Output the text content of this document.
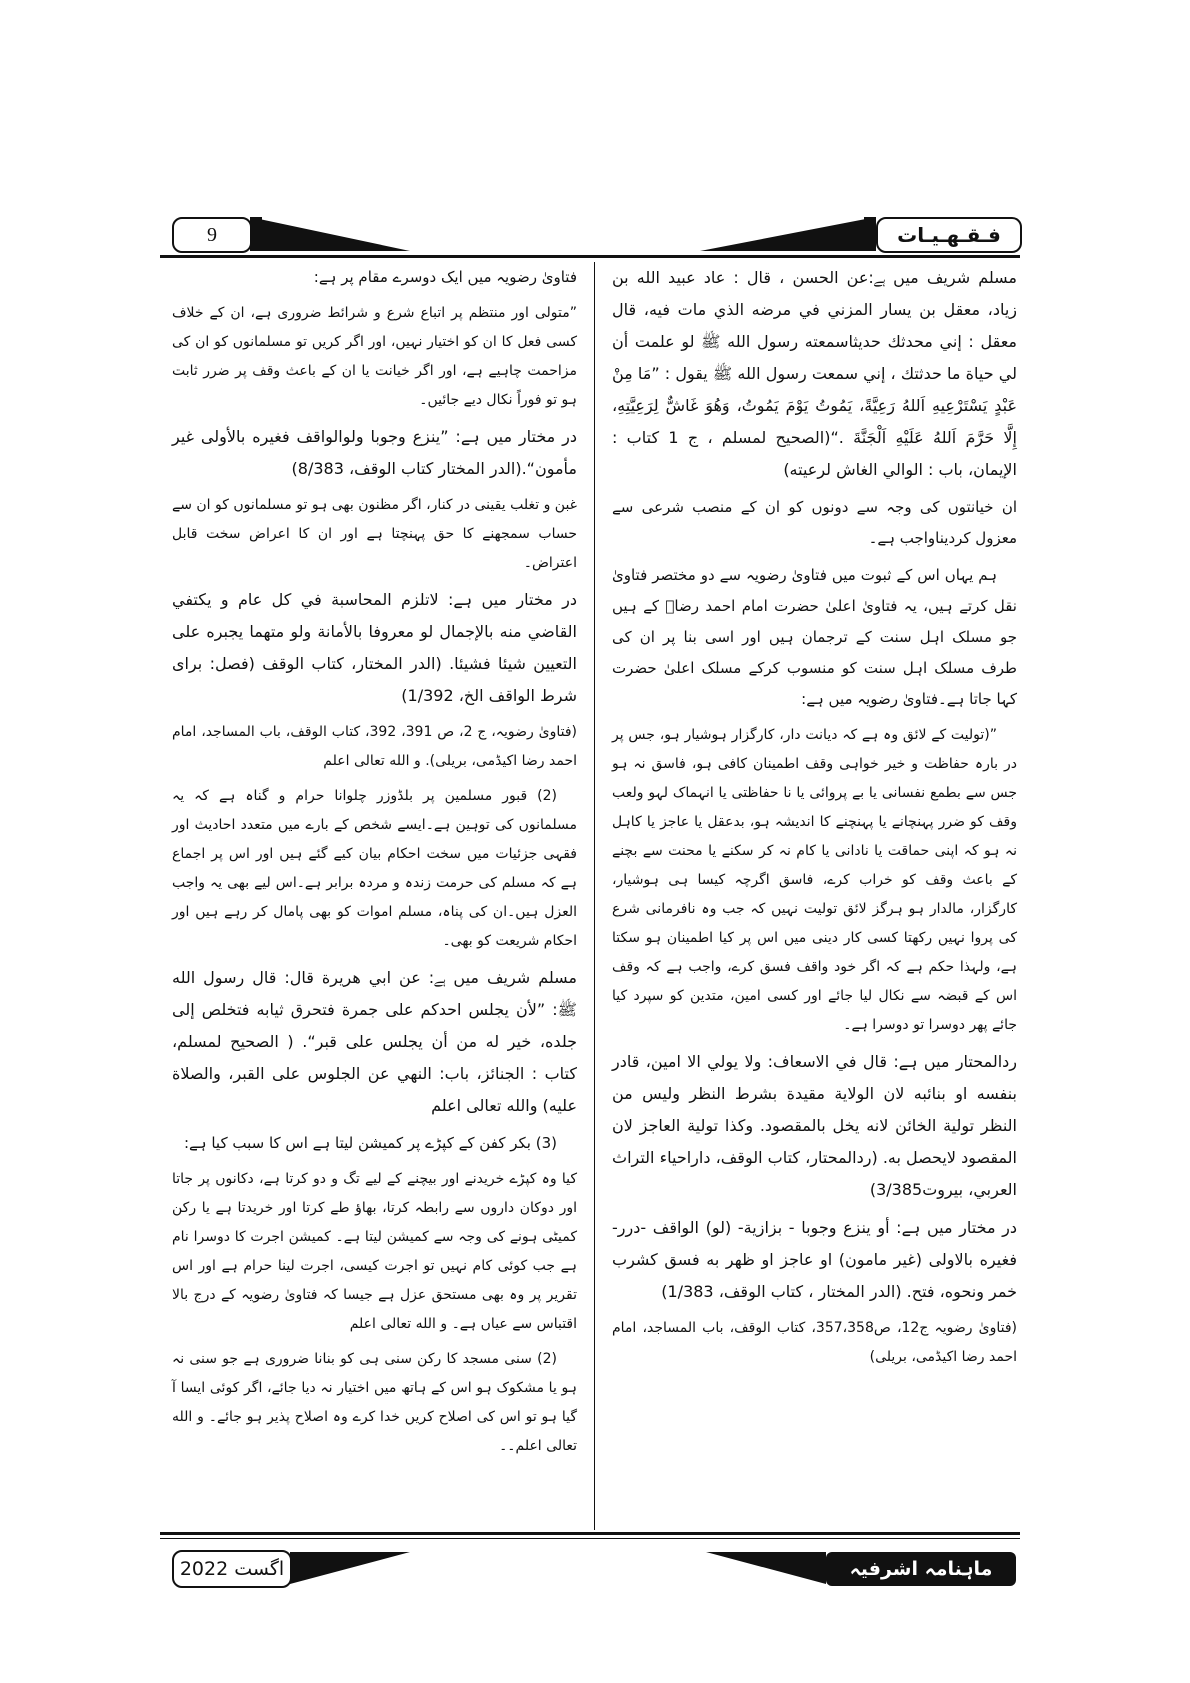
9	فـقـهـيـات

مسلم شریف میں ہے:عن الحسن ، قال : عاد عبید الله بن زیاد، معقل بن یسار المزني في مرضه الذي مات فيه، قال معقل : إني محدثك حديثاسمعته رسول الله ﷺ لو علمت أن لي حياة ما حدثتك ، إني سمعت رسول الله ﷺ يقول : ”مَا مِنْ عَبْدٍ يَسْتَرْعِيهِ اَللهُ رَعِيَّةً، يَمُوتُ يَوْمَ يَمُوتُ، وَهُوَ غَاشٌّ لِرَعِيَّتِهِ، إِلَّا حَرَّمَ اَللهُ عَلَيْهِ اَلْجَنَّةَ .“(الصحيح لمسلم ، ج 1 كتاب : الإيمان، باب : الوالي الغاش لرعيته)

ان خیانتوں کی وجہ سے دونوں کو ان کے منصب شرعی سے معزول کردیناواجب ہے۔

ہم یہاں اس کے ثبوت میں فتاویٰ رضویہ سے دو مختصر فتاویٰ نقل کرتے ہیں، یہ فتاویٰ اعلیٰ حضرت امام احمد رضاؒ کے ہیں جو مسلک اہل سنت کے ترجمان ہیں اور اسی بنا پر ان کی طرف مسلک اہل سنت کو منسوب کرکے مسلک اعلیٰ حضرت کہا جاتا ہے۔فتاویٰ رضویہ میں ہے:

”(تولیت کے لائق وہ ہے کہ دیانت دار، کارگزار ہوشیار ہو، جس پر در بارہ حفاظت و خیر خواہی وقف اطمینان کافی ہو، فاسق نہ ہو جس سے بطمع نفسانی یا بے پروائی یا نا حفاظتی یا انہماک لہو ولعب وقف کو ضرر پہنچانے یا پہنچنے کا اندیشہ ہو، بدعقل یا عاجز یا کاہل نہ ہو کہ اپنی حماقت یا نادانی یا کام نہ کر سکنے یا محنت سے بچنے کے باعث وقف کو خراب کرے، فاسق اگرچہ کیسا ہی ہوشیار، کارگزار، مالدار ہو ہرگز لائق تولیت نہیں کہ جب وہ نافرمانی شرع کی پروا نہیں رکھتا کسی کار دینی میں اس پر کیا اطمینان ہو سکتا ہے، ولہذا حکم ہے کہ اگر خود واقف فسق کرے، واجب ہے کہ وقف اس کے قبضہ سے نکال لیا جائے اور کسی امین، متدین کو سپرد کیا جائے پھر دوسرا تو دوسرا ہے۔

ردالمحتار میں ہے: قال في الاسعاف: ولا يولي الا امين، قادر بنفسه او بنائبه لان الولاية مقيدة بشرط النظر وليس من النظر تولية الخائن لانه يخل بالمقصود. وكذا تولية العاجز لان المقصود لايحصل به. (ردالمحتار، كتاب الوقف، داراحياء التراث العربي، بيروت3/385)

در مختار میں ہے: أو ينزع وجوبا - بزازية- (لو) الواقف -درر- فغيره بالاولى (غير مامون) او عاجز او ظهر به فسق كشرب خمر ونحوه، فتح. (الدر المختار ، كتاب الوقف، 1/383)

(فتاویٰ رضویہ ج12، ص357،358، کتاب الوقف، باب المساجد، امام احمد رضا اکیڈمی، بریلی)

فتاویٰ رضویہ میں ایک دوسرے مقام پر ہے:

”متولی اور منتظم پر اتباع شرع و شرائط ضروری ہے، ان کے خلاف کسی فعل کا ان کو اختیار نہیں، اور اگر کریں تو مسلمانوں کو ان کی مزاحمت چاہیے ہے، اور اگر خیانت یا ان کے باعث وقف پر ضرر ثابت ہو تو فوراً نکال دیے جائیں۔

در مختار میں ہے: ”ينزع وجوبا ولوالواقف فغيره بالأولى غير مأمون“.(الدر المختار كتاب الوقف، 8/383)

غبن و تغلب یقینی در کنار، اگر مظنون بھی ہو تو مسلمانوں کو ان سے حساب سمجھنے کا حق پہنچتا ہے اور ان کا اعراض سخت قابل اعتراض۔

در مختار میں ہے: لاتلزم المحاسبة في كل عام و يكتفي القاضي منه بالإجمال لو معروفا بالأمانة ولو متهما يجبره على التعيين شيئا فشيئا. (الدر المختار، كتاب الوقف (فصل: براى شرط الواقف الخ، 1/392)

(فتاویٰ رضویہ، ج 2، ص 391، 392، کتاب الوقف، باب المساجد، امام احمد رضا اکیڈمی، بریلی). و الله تعالى اعلم

(2) قبور مسلمین پر بلڈوزر چلوانا حرام و گناہ ہے کہ یہ مسلمانوں کی توہین ہے۔ایسے شخص کے بارے میں متعدد احادیث اور فقہی جزئیات میں سخت احکام بیان کیے گئے ہیں اور اس پر اجماع ہے کہ مسلم کی حرمت زندہ و مردہ برابر ہے۔اس لیے بھی یہ واجب العزل ہیں۔ان کی پناہ، مسلم اموات کو بھی پامال کر رہے ہیں اور احکام شریعت کو بھی۔

مسلم شریف میں ہے: عن ابي هريرة قال: قال رسول الله ﷺ: ”لأن يجلس احدكم على جمرة فتحرق ثيابه فتخلص إلى جلده، خير له من أن يجلس على قبر“. ( الصحيح لمسلم، كتاب : الجنائز، باب: النهي عن الجلوس على القبر، والصلاة عليه) والله تعالى اعلم

(3) بکر کفن کے کپڑے پر کمیشن لیتا ہے اس کا سبب کیا ہے:

کیا وہ کپڑے خریدنے اور بیچنے کے لیے تگ و دو کرتا ہے، دکانوں پر جاتا اور دوکان داروں سے رابطہ کرتا، بھاؤ طے کرتا اور خریدتا ہے یا رکن کمیٹی ہونے کی وجہ سے کمیشن لیتا ہے۔ کمیشن اجرت کا دوسرا نام ہے جب کوئی کام نہیں تو اجرت کیسی، اجرت لینا حرام ہے اور اس تقریر پر وہ بھی مستحق عزل ہے جیسا کہ فتاویٰ رضویہ کے درج بالا اقتباس سے عیاں ہے۔ و الله تعالى اعلم

(2) سنی مسجد کا رکن سنی ہی کو بنانا ضروری ہے جو سنی نہ ہو یا مشکوک ہو اس کے ہاتھ میں اختیار نہ دیا جائے، اگر کوئی ایسا آ گیا ہو تو اس کی اصلاح کریں خدا کرے وہ اصلاح پذیر ہو جائے۔ و الله تعالى اعلم۔۔

اگست 2022	ماہنامہ اشرفیہ
